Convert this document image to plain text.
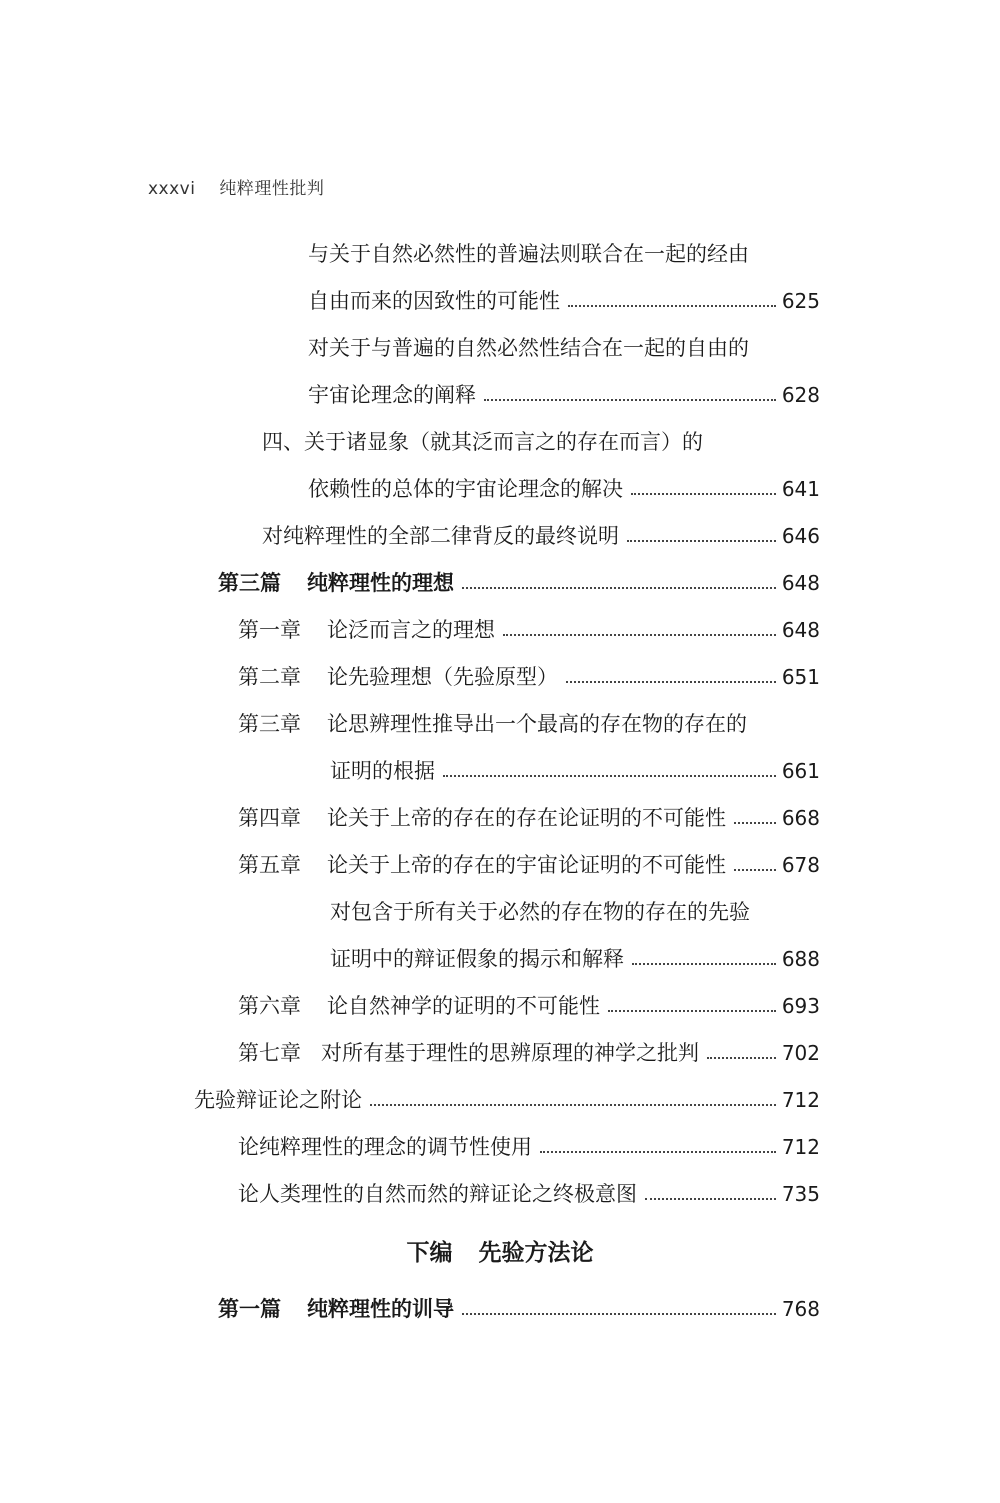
xxxvi 纯粹理性批判
与关于自然必然性的普遍法则联合在一起的经由
自由而来的因致性的可能性	625
对关于与普遍的自然必然性结合在一起的自由的
宇宙论理念的阐释	628
四、关于诸显象（就其泛而言之的存在而言）的
依赖性的总体的宇宙论理念的解决	641
对纯粹理性的全部二律背反的最终说明	646
第三篇 纯粹理性的理想	648
第一章 论泛而言之的理想	648
第二章 论先验理想（先验原型）	651
第三章 论思辨理性推导出一个最高的存在物的存在的
证明的根据	661
第四章 论关于上帝的存在的存在论证明的不可能性	668
第五章 论关于上帝的存在的宇宙论证明的不可能性	678
对包含于所有关于必然的存在物的存在的先验
证明中的辩证假象的揭示和解释	688
第六章 论自然神学的证明的不可能性	693
第七章 对所有基于理性的思辨原理的神学之批判	702
先验辩证论之附论	712
论纯粹理性的理念的调节性使用	712
论人类理性的自然而然的辩证论之终极意图	735
下编 先验方法论
第一篇 纯粹理性的训导	768
